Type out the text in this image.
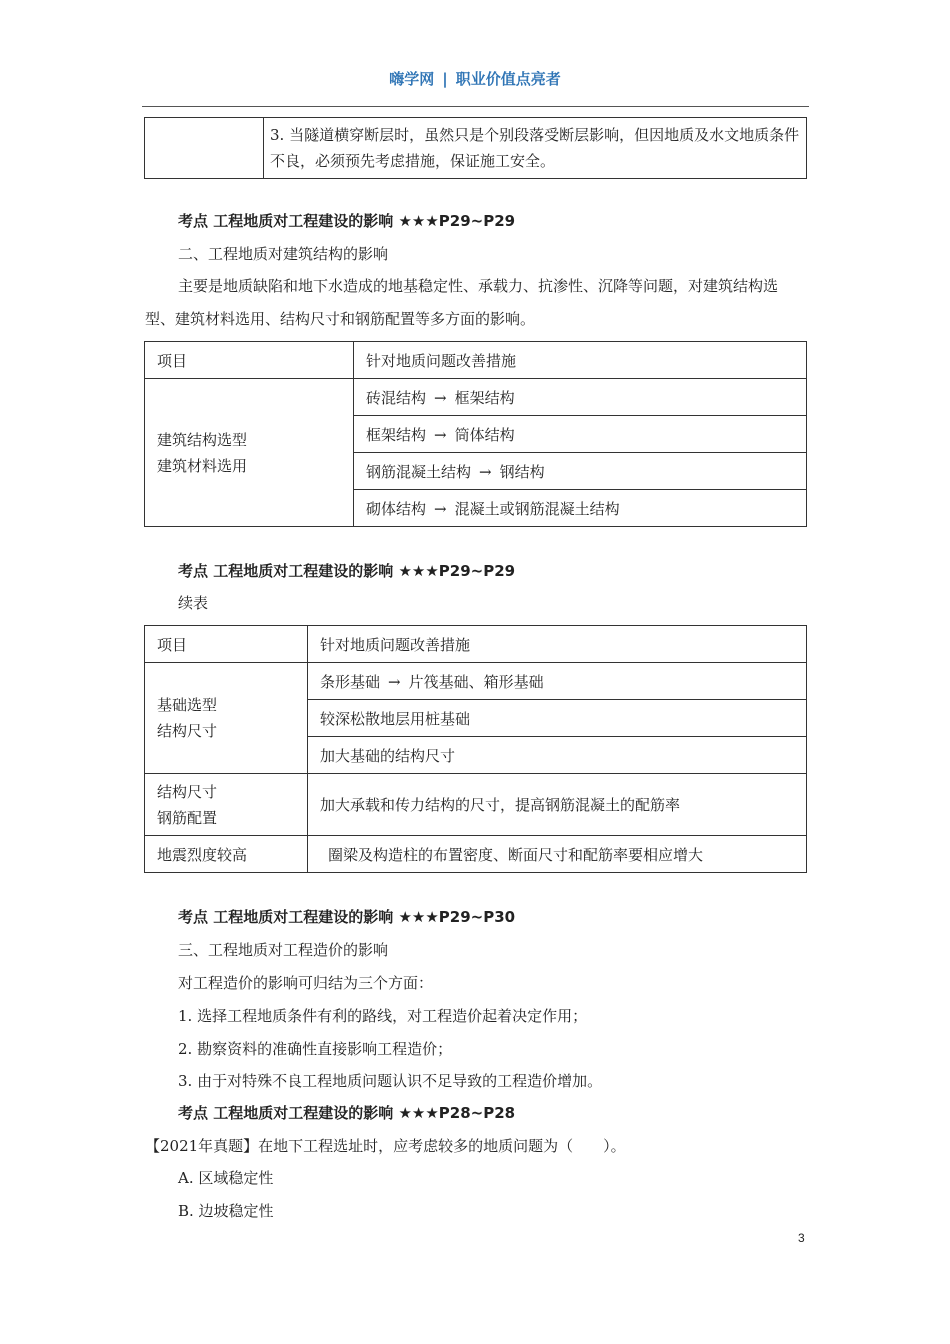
嗨学网 | 职业价值点亮者
	3. 当隧道横穿断层时，虽然只是个别段落受断层影响，但因地质及水文地质条件不良，必须预先考虑措施，保证施工安全。
考点 工程地质对工程建设的影响 ★★★P29~P29
二、工程地质对建筑结构的影响
主要是地质缺陷和地下水造成的地基稳定性、承载力、抗渗性、沉降等问题，对建筑结构选型、建筑材料选用、结构尺寸和钢筋配置等多方面的影响。
项目	针对地质问题改善措施

建筑结构选型
建筑材料选用	砖混结构 → 框架结构
	框架结构 → 筒体结构
	钢筋混凝土结构 → 钢结构
	砌体结构 → 混凝土或钢筋混凝土结构
考点 工程地质对工程建设的影响 ★★★P29~P29
续表
项目	针对地质问题改善措施

基础选型
结构尺寸	条形基础 → 片筏基础、箱形基础
	较深松散地层用桩基础
	加大基础的结构尺寸

结构尺寸
钢筋配置	加大承载和传力结构的尺寸，提高钢筋混凝土的配筋率
地震烈度较高	圈梁及构造柱的布置密度、断面尺寸和配筋率要相应增大
考点 工程地质对工程建设的影响 ★★★P29~P30
三、工程地质对工程造价的影响
对工程造价的影响可归结为三个方面：
1. 选择工程地质条件有利的路线，对工程造价起着决定作用；
2. 勘察资料的准确性直接影响工程造价；
3. 由于对特殊不良工程地质问题认识不足导致的工程造价增加。
考点 工程地质对工程建设的影响 ★★★P28~P28
【2021年真题】在地下工程选址时，应考虑较多的地质问题为（　　）。
A. 区域稳定性
B. 边坡稳定性
3
